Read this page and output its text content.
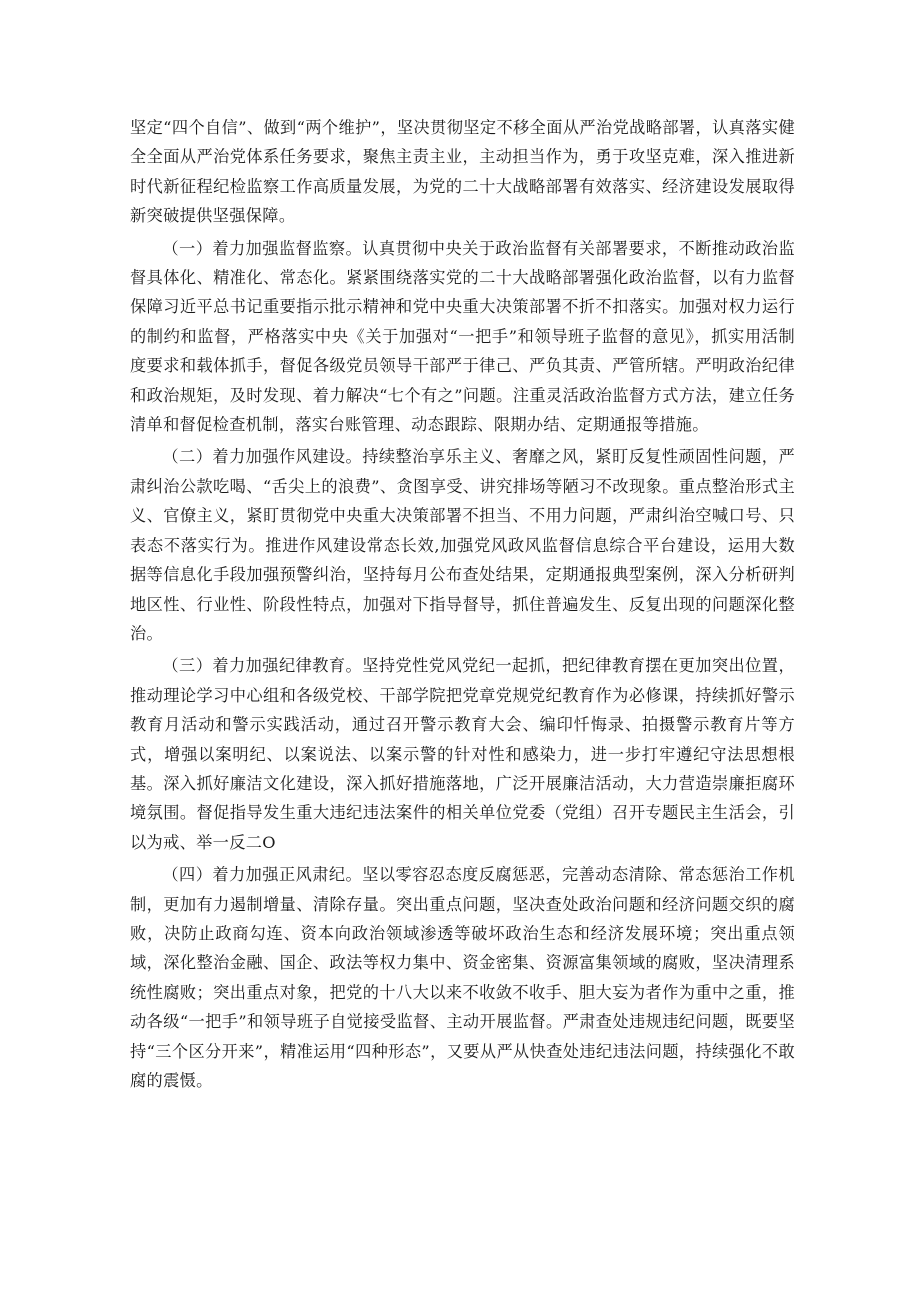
坚定“四个自信”、做到“两个维护”，坚决贯彻坚定不移全面从严治党战略部署，认真落实健全全面从严治党体系任务要求，聚焦主责主业，主动担当作为，勇于攻坚克难，深入推进新时代新征程纪检监察工作高质量发展，为党的二十大战略部署有效落实、经济建设发展取得新突破提供坚强保障。

（一）着力加强监督监察。认真贯彻中央关于政治监督有关部署要求，不断推动政治监督具体化、精准化、常态化。紧紧围绕落实党的二十大战略部署强化政治监督，以有力监督保障习近平总书记重要指示批示精神和党中央重大决策部署不折不扣落实。加强对权力运行的制约和监督，严格落实中央《关于加强对“一把手”和领导班子监督的意见》，抓实用活制度要求和载体抓手，督促各级党员领导干部严于律己、严负其责、严管所辖。严明政治纪律和政治规矩，及时发现、着力解决“七个有之”问题。注重灵活政治监督方式方法，建立任务清单和督促检查机制，落实台账管理、动态跟踪、限期办结、定期通报等措施。

（二）着力加强作风建设。持续整治享乐主义、奢靡之风，紧盯反复性顽固性问题，严肃纠治公款吃喝、“舌尖上的浪费”、贪图享受、讲究排场等陋习不改现象。重点整治形式主义、官僚主义，紧盯贯彻党中央重大决策部署不担当、不用力问题，严肃纠治空喊口号、只表态不落实行为。推进作风建设常态长效,加强党风政风监督信息综合平台建设，运用大数据等信息化手段加强预警纠治，坚持每月公布查处结果，定期通报典型案例，深入分析研判地区性、行业性、阶段性特点，加强对下指导督导，抓住普遍发生、反复出现的问题深化整治。

（三）着力加强纪律教育。坚持党性党风党纪一起抓，把纪律教育摆在更加突出位置，推动理论学习中心组和各级党校、干部学院把党章党规党纪教育作为必修课，持续抓好警示教育月活动和警示实践活动，通过召开警示教育大会、编印忏悔录、拍摄警示教育片等方式，增强以案明纪、以案说法、以案示警的针对性和感染力，进一步打牢遵纪守法思想根基。深入抓好廉洁文化建设，深入抓好措施落地，广泛开展廉洁活动，大力营造崇廉拒腐环境氛围。督促指导发生重大违纪违法案件的相关单位党委（党组）召开专题民主生活会，引以为戒、举一反二O

（四）着力加强正风肃纪。坚以零容忍态度反腐惩恶，完善动态清除、常态惩治工作机制，更加有力遏制增量、清除存量。突出重点问题，坚决查处政治问题和经济问题交织的腐败，决防止政商勾连、资本向政治领域渗透等破坏政治生态和经济发展环境；突出重点领域，深化整治金融、国企、政法等权力集中、资金密集、资源富集领域的腐败，坚决清理系统性腐败；突出重点对象，把党的十八大以来不收敛不收手、胆大妄为者作为重中之重，推动各级“一把手”和领导班子自觉接受监督、主动开展监督。严肃查处违规违纪问题，既要坚持“三个区分开来”，精准运用“四种形态”，又要从严从快查处违纪违法问题，持续强化不敢腐的震慑。
